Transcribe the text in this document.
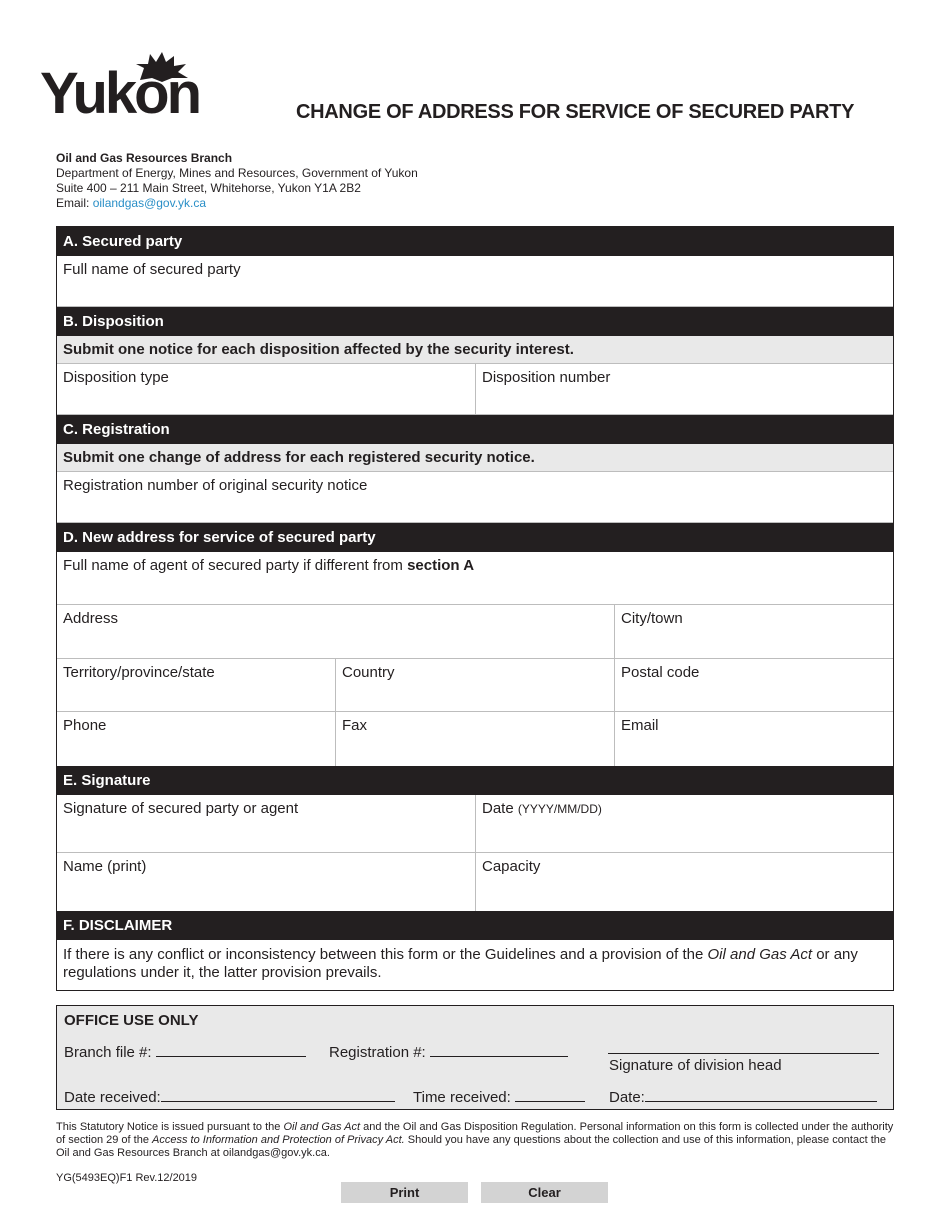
Yukon	CHANGE OF ADDRESS FOR SERVICE OF SECURED PARTY
Oil and Gas Resources Branch
Department of Energy, Mines and Resources, Government of Yukon
Suite 400 – 211 Main Street, Whitehorse, Yukon Y1A 2B2
Email: oilandgas@gov.yk.ca
A. Secured party
Full name of secured party
B. Disposition
Submit one notice for each disposition affected by the security interest.
Disposition type	Disposition number
C. Registration
Submit one change of address for each registered security notice.
Registration number of original security notice
D. New address for service of secured party
Full name of agent of secured party if different from section A
Address	City/town
Territory/province/state	Country	Postal code
Phone	Fax	Email
E. Signature
Signature of secured party or agent	Date (YYYY/MM/DD)
Name (print)	Capacity
F. DISCLAIMER
If there is any conflict or inconsistency between this form or the Guidelines and a provision of the Oil and Gas Act or any regulations under it, the latter provision prevails.
OFFICE USE ONLY
Branch file #:	Registration #:
Signature of division head
Date received:	Time received:	Date:
This Statutory Notice is issued pursuant to the Oil and Gas Act and the Oil and Gas Disposition Regulation. Personal information on this form is collected under the authority of section 29 of the Access to Information and Protection of Privacy Act. Should you have any questions about the collection and use of this information, please contact the Oil and Gas Resources Branch at oilandgas@gov.yk.ca.
YG(5493EQ)F1 Rev.12/2019
Print	Clear
